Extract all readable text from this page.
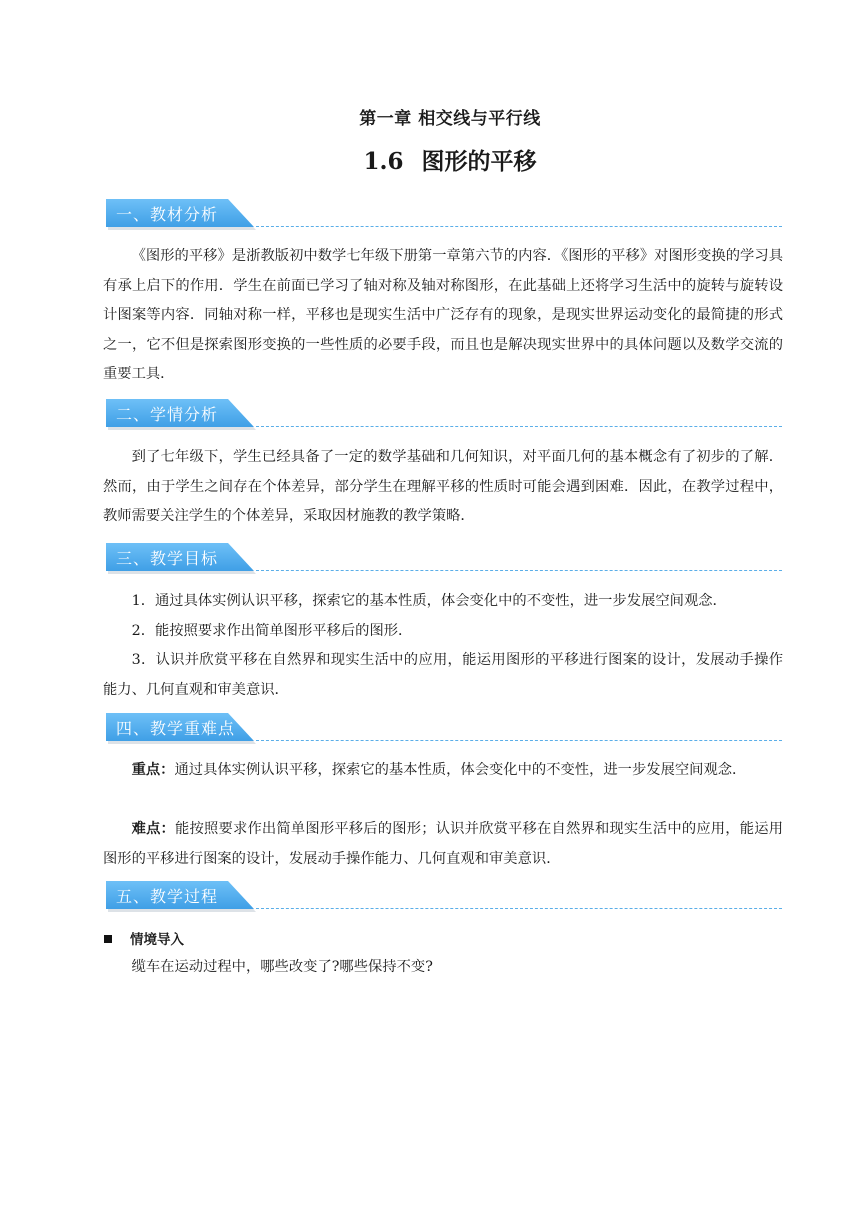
第一章 相交线与平行线
1.6 图形的平移
一、教材分析

《图形的平移》是浙教版初中数学七年级下册第一章第六节的内容．《图形的平移》对图形变换的学习具有承上启下的作用．学生在前面已学习了轴对称及轴对称图形，在此基础上还将学习生活中的旋转与旋转设计图案等内容．同轴对称一样，平移也是现实生活中广泛存有的现象，是现实世界运动变化的最简捷的形式之一，它不但是探索图形变换的一些性质的必要手段，而且也是解决现实世界中的具体问题以及数学交流的重要工具．

二、学情分析

到了七年级下，学生已经具备了一定的数学基础和几何知识，对平面几何的基本概念有了初步的了解．然而，由于学生之间存在个体差异，部分学生在理解平移的性质时可能会遇到困难．因此，在教学过程中，教师需要关注学生的个体差异，采取因材施教的教学策略．

三、教学目标

1．通过具体实例认识平移，探索它的基本性质，体会变化中的不变性，进一步发展空间观念．

2．能按照要求作出简单图形平移后的图形．

3．认识并欣赏平移在自然界和现实生活中的应用，能运用图形的平移进行图案的设计，发展动手操作能力、几何直观和审美意识．

四、教学重难点

重点：通过具体实例认识平移，探索它的基本性质，体会变化中的不变性，进一步发展空间观念．

难点：能按照要求作出简单图形平移后的图形；认识并欣赏平移在自然界和现实生活中的应用，能运用图形的平移进行图案的设计，发展动手操作能力、几何直观和审美意识．

五、教学过程
情境导入

缆车在运动过程中，哪些改变了?哪些保持不变?
